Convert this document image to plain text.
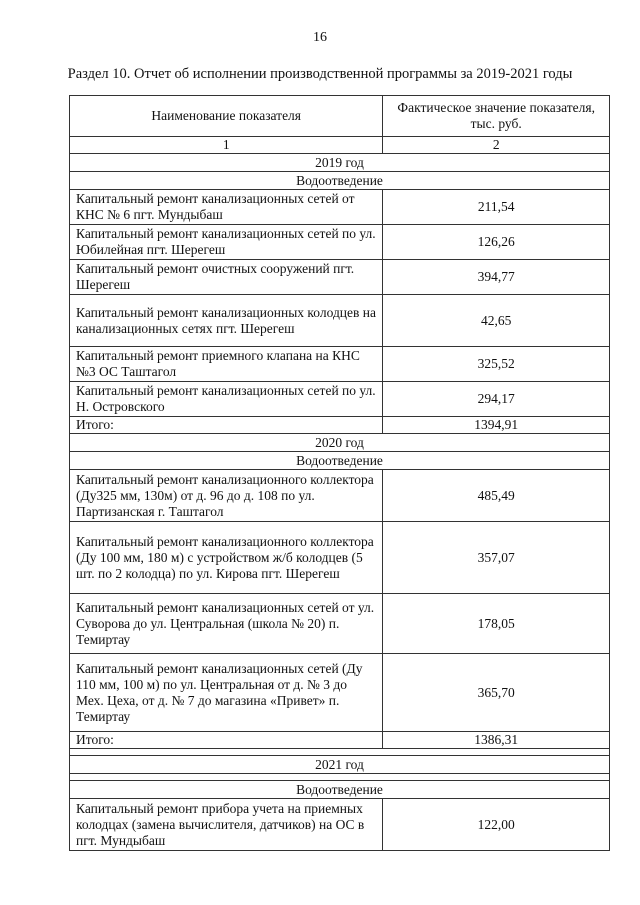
16
Раздел 10. Отчет об исполнении производственной программы за 2019-2021 годы
Наименование показателя	Фактическое значение показателя, тыс. руб.
1	2
2019 год	
Водоотведение	
Капитальный ремонт канализационных сетей от КНС № 6 пгт. Мундыбаш	211,54
Капитальный ремонт канализационных сетей по ул. Юбилейная пгт. Шерегеш	126,26
Капитальный ремонт очистных сооружений пгт. Шерегеш	394,77
Капитальный ремонт канализационных колодцев на канализационных сетях пгт. Шерегеш	42,65
Капитальный ремонт приемного клапана на КНС №3 ОС Таштагол	325,52
Капитальный ремонт канализационных сетей по ул. Н. Островского	294,17
Итого:	1394,91
2020 год	
Водоотведение	
Капитальный ремонт канализационного коллектора (Ду325 мм, 130м) от д. 96 до д. 108 по ул. Партизанская г. Таштагол	485,49
Капитальный ремонт канализационного коллектора (Ду 100 мм, 180 м) с устройством ж/б колодцев (5 шт. по 2 колодца) по ул. Кирова пгт. Шерегеш	357,07
Капитальный ремонт канализационных сетей от ул. Суворова до ул. Центральная (школа № 20) п. Темиртау	178,05
Капитальный ремонт канализационных сетей (Ду 110 мм, 100 м) по ул. Центральная от д. № 3 до Мех. Цеха, от д. № 7 до магазина «Привет» п. Темиртау	365,70
Итого:	1386,31

2021 год	

Водоотведение	
Капитальный ремонт прибора учета на приемных колодцах (замена вычислителя, датчиков) на ОС в пгт. Мундыбаш	122,00
